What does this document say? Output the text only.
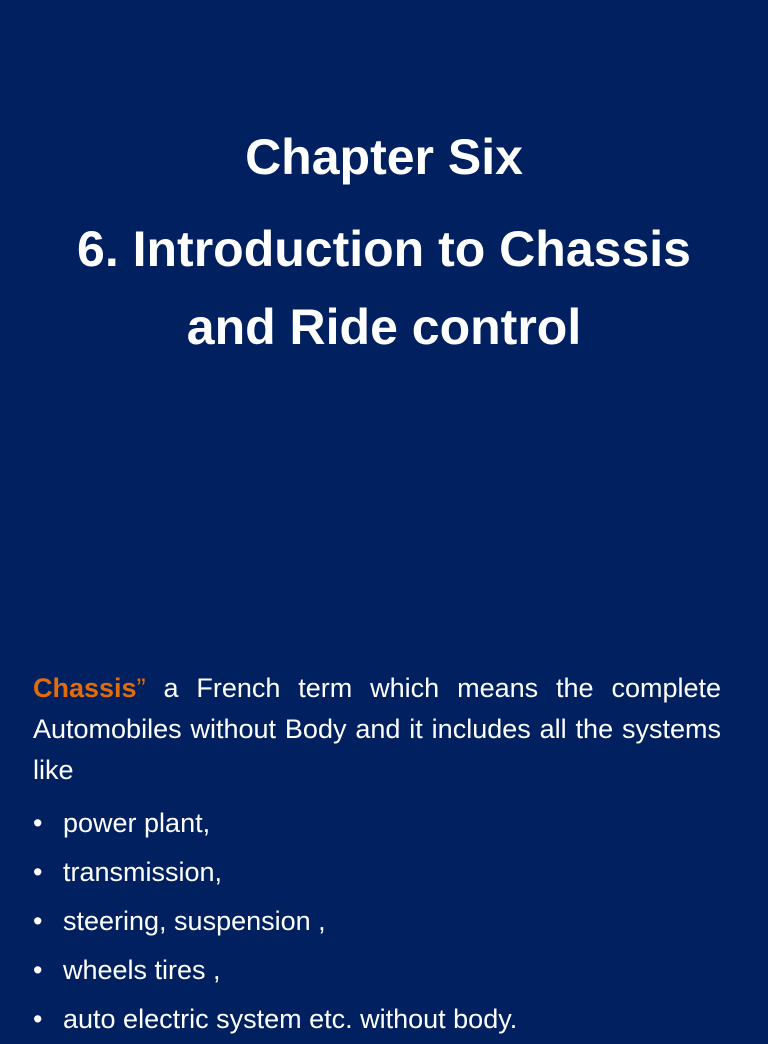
Chapter Six
6. Introduction to Chassis and Ride control

Chassis” a French term which means the complete Automobiles without Body and it includes all the systems like

• power plant,
• transmission,
• steering, suspension ,
• wheels tires ,
• auto electric system etc. without body.
